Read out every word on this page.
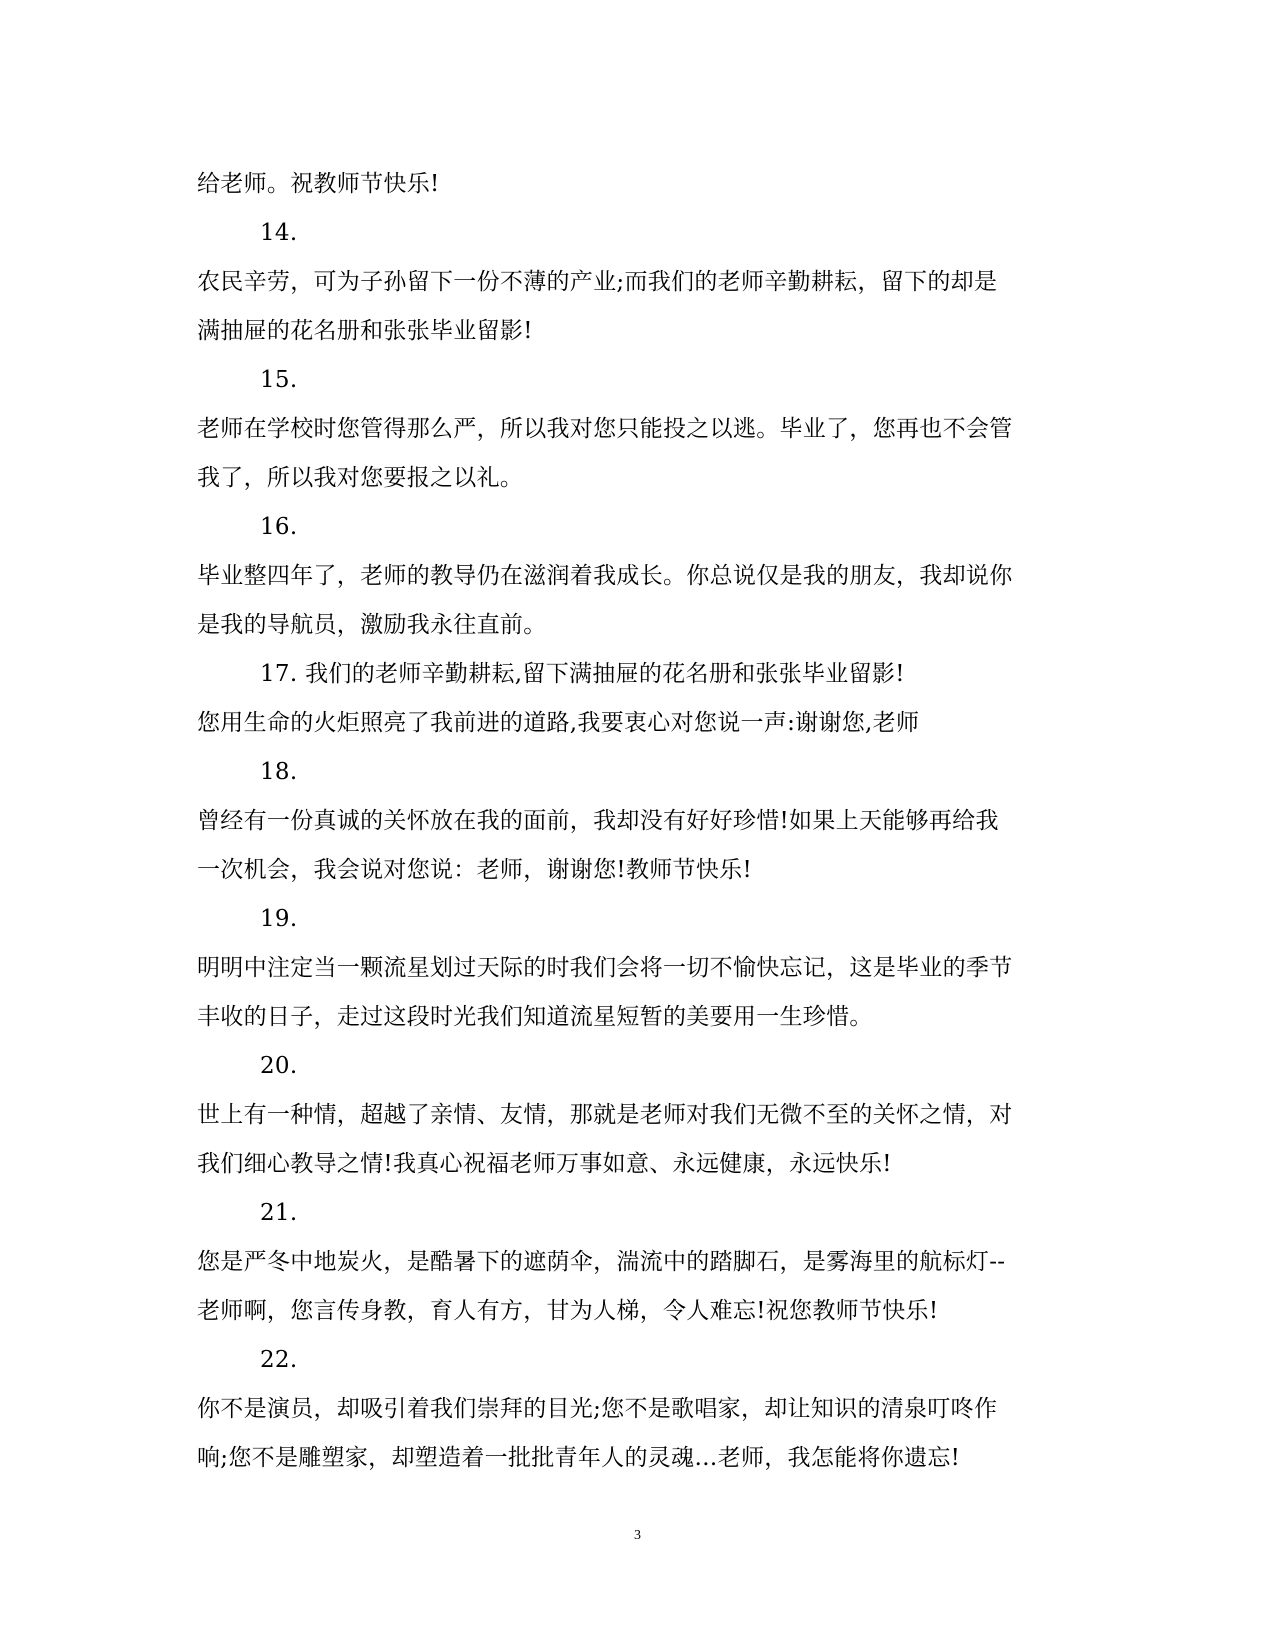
给老师。祝教师节快乐!
14.
农民辛劳，可为子孙留下一份不薄的产业;而我们的老师辛勤耕耘，留下的却是
满抽屉的花名册和张张毕业留影!
15.
老师在学校时您管得那么严，所以我对您只能投之以逃。毕业了，您再也不会管
我了，所以我对您要报之以礼。
16.
毕业整四年了，老师的教导仍在滋润着我成长。你总说仅是我的朋友，我却说你
是我的导航员，激励我永往直前。
17. 我们的老师辛勤耕耘,留下满抽屉的花名册和张张毕业留影!
您用生命的火炬照亮了我前进的道路,我要衷心对您说一声:谢谢您,老师
18.
曾经有一份真诚的关怀放在我的面前，我却没有好好珍惜!如果上天能够再给我
一次机会，我会说对您说：老师，谢谢您!教师节快乐!
19.
明明中注定当一颗流星划过天际的时我们会将一切不愉快忘记，这是毕业的季节
丰收的日子，走过这段时光我们知道流星短暂的美要用一生珍惜。
20.
世上有一种情，超越了亲情、友情，那就是老师对我们无微不至的关怀之情，对
我们细心教导之情!我真心祝福老师万事如意、永远健康，永远快乐!
21.
您是严冬中地炭火，是酷暑下的遮荫伞，湍流中的踏脚石，是雾海里的航标灯--
老师啊，您言传身教，育人有方，甘为人梯，令人难忘!祝您教师节快乐!
22.
你不是演员，却吸引着我们崇拜的目光;您不是歌唱家，却让知识的清泉叮咚作
响;您不是雕塑家，却塑造着一批批青年人的灵魂…老师，我怎能将你遗忘!
3
